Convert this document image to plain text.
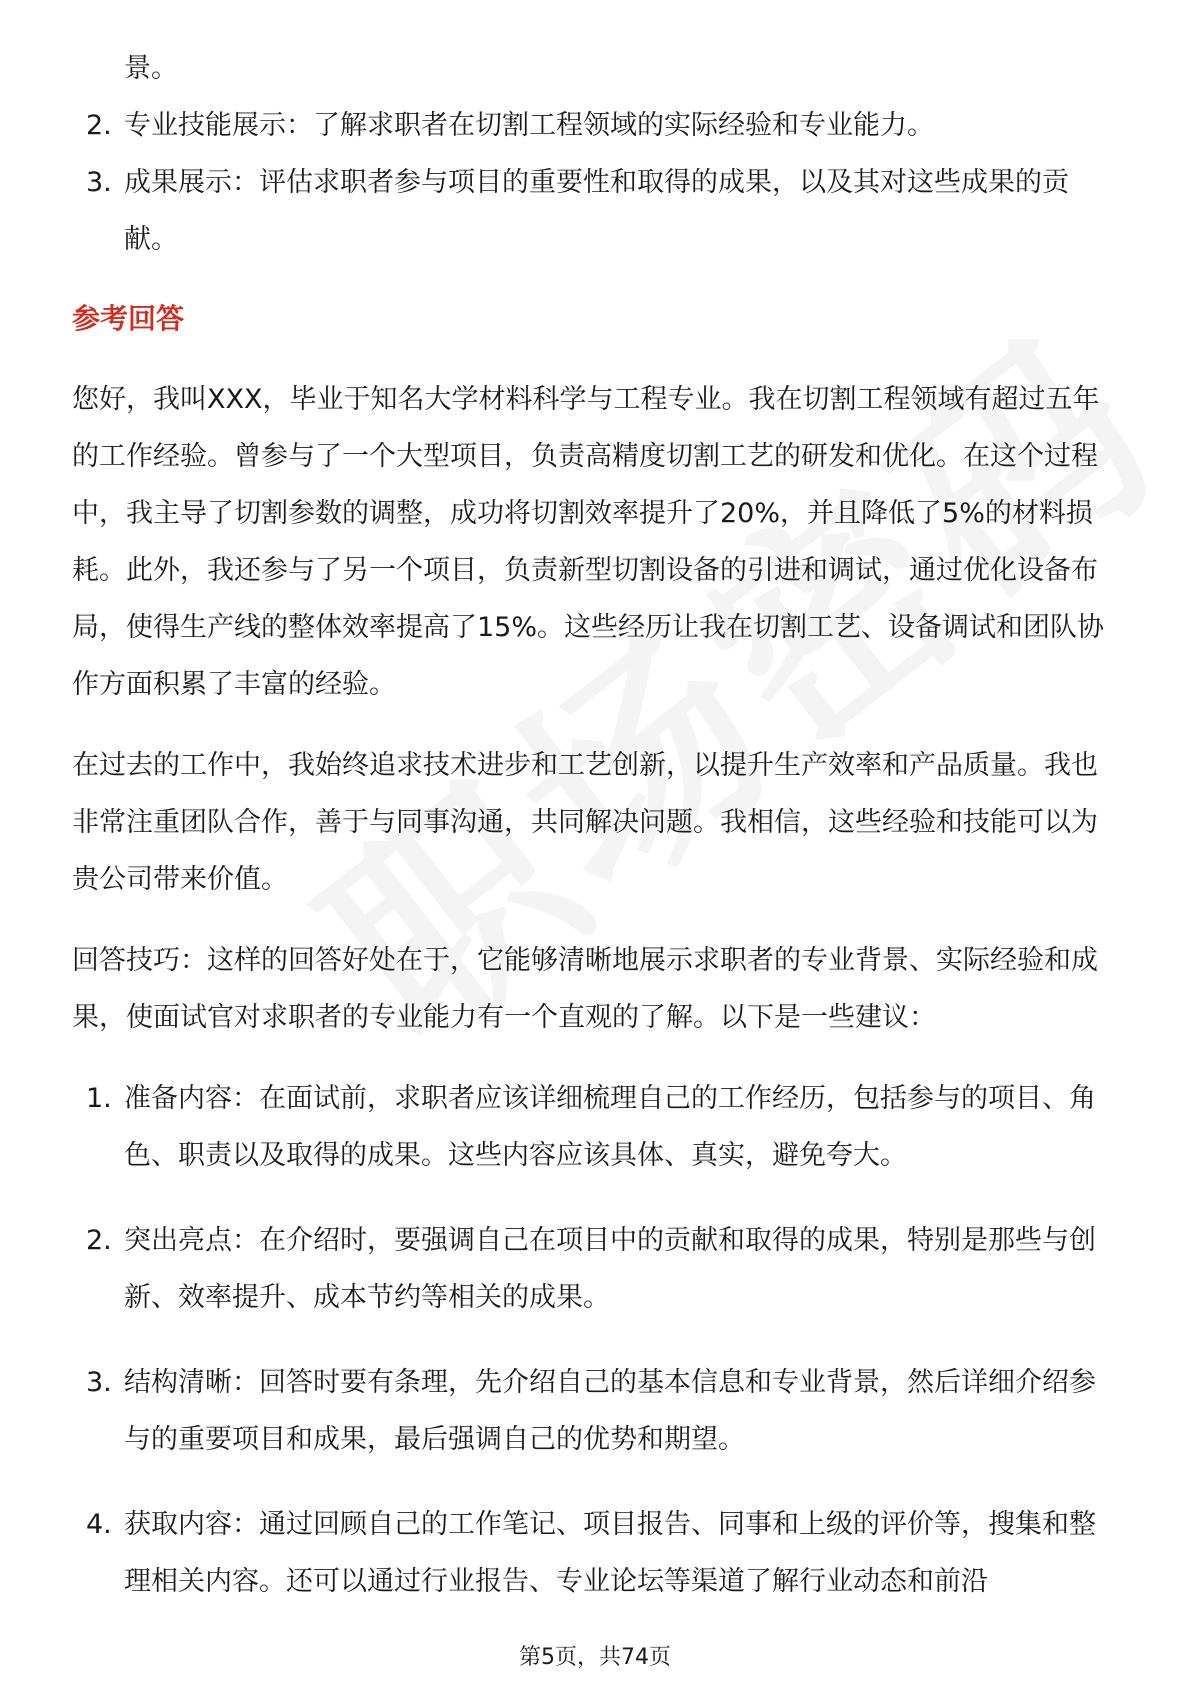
景。
2. 专业技能展示：了解求职者在切割工程领域的实际经验和专业能力。
3. 成果展示：评估求职者参与项目的重要性和取得的成果，以及其对这些成果的贡献。
参考回答

您好，我叫XXX，毕业于知名大学材料科学与工程专业。我在切割工程领域有超过五年的工作经验。曾参与了一个大型项目，负责高精度切割工艺的研发和优化。在这个过程中，我主导了切割参数的调整，成功将切割效率提升了20%，并且降低了5%的材料损耗。此外，我还参与了另一个项目，负责新型切割设备的引进和调试，通过优化设备布局，使得生产线的整体效率提高了15%。这些经历让我在切割工艺、设备调试和团队协作方面积累了丰富的经验。

在过去的工作中，我始终追求技术进步和工艺创新，以提升生产效率和产品质量。我也非常注重团队合作，善于与同事沟通，共同解决问题。我相信，这些经验和技能可以为贵公司带来价值。

回答技巧：这样的回答好处在于，它能够清晰地展示求职者的专业背景、实际经验和成果，使面试官对求职者的专业能力有一个直观的了解。以下是一些建议：

1. 准备内容：在面试前，求职者应该详细梳理自己的工作经历，包括参与的项目、角色、职责以及取得的成果。这些内容应该具体、真实，避免夸大。
2. 突出亮点：在介绍时，要强调自己在项目中的贡献和取得的成果，特别是那些与创新、效率提升、成本节约等相关的成果。
3. 结构清晰：回答时要有条理，先介绍自己的基本信息和专业背景，然后详细介绍参与的重要项目和成果，最后强调自己的优势和期望。
4. 获取内容：通过回顾自己的工作笔记、项目报告、同事和上级的评价等，搜集和整理相关内容。还可以通过行业报告、专业论坛等渠道了解行业动态和前沿
第5页，共74页
